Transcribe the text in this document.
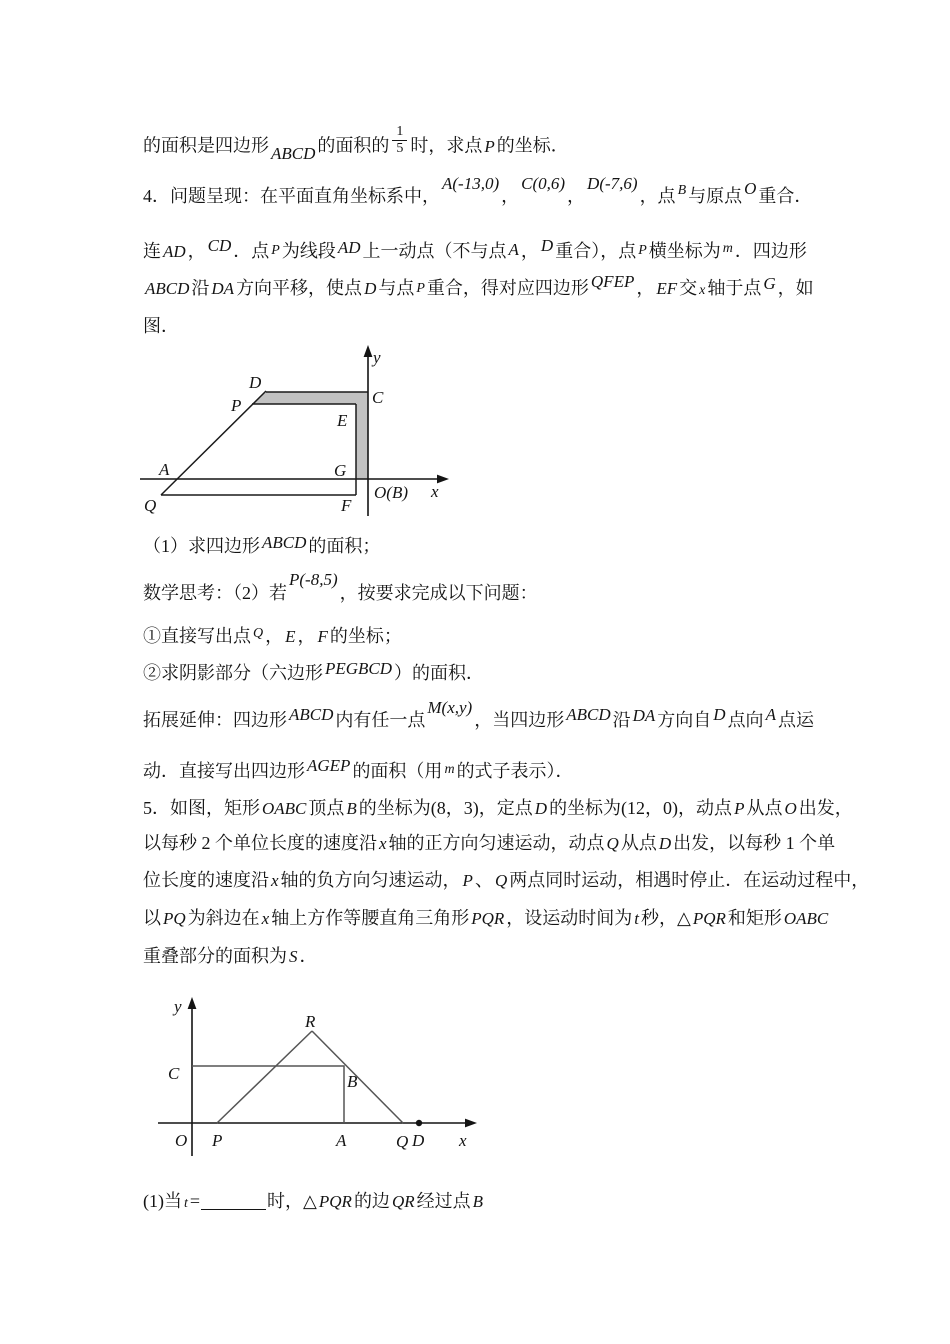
的面积是四边形 ABCD 的面积的 $\frac{1}{5}$ 时，求点 P 的坐标．
4．问题呈现：在平面直角坐标系中，A(-13,0)，C(0,6)，D(-7,6)，点 $^B$ 与原点 O 重合．
连 AD ， CD ．点 P 为线段 AD 上一动点（不与点 A ， D 重合），点 P 横坐标为 $^m$ ．四边形
ABCD 沿 DA 方向平移，使点 D 与点 P 重合，得对应四边形 QFEP ， EF 交 x 轴于点 G ，如
图．
（1）求四边形 ABCD 的面积；
数学思考：（2）若P(-8,5)，按要求完成以下问题：
①直接写出点 $^Q$ ， E ， F 的坐标；
②求阴影部分（六边形 PEGBCD ）的面积．
拓展延伸：四边形 ABCD 内有任一点M(x,y)，当四边形 ABCD 沿 DA 方向自 D 点向 A 点运
动．直接写出四边形 AGEP 的面积（用 $^m$ 的式子表示）．
5．如图，矩形 OABC 顶点 B 的坐标为(8，3)，定点 D 的坐标为(12，0)，动点 P 从点 O 出发，
以每秒 2 个单位长度的速度沿 x 轴的正方向匀速运动，动点 Q 从点 D 出发，以每秒 1 个单
位长度的速度沿 x 轴的负方向匀速运动， P 、 Q 两点同时运动，相遇时停止．在运动过程中，
以 PQ 为斜边在 x 轴上方作等腰直角三角形 PQR ，设运动时间为 t 秒，△ PQR 和矩形 OABC
重叠部分的面积为 S ．
(1)当 t =	时，△ PQR 的边 QR 经过点 B
D
C
P
E
A
Q
G
F
O(B) x
y
y
R
C	B
O P	A	Q D x
